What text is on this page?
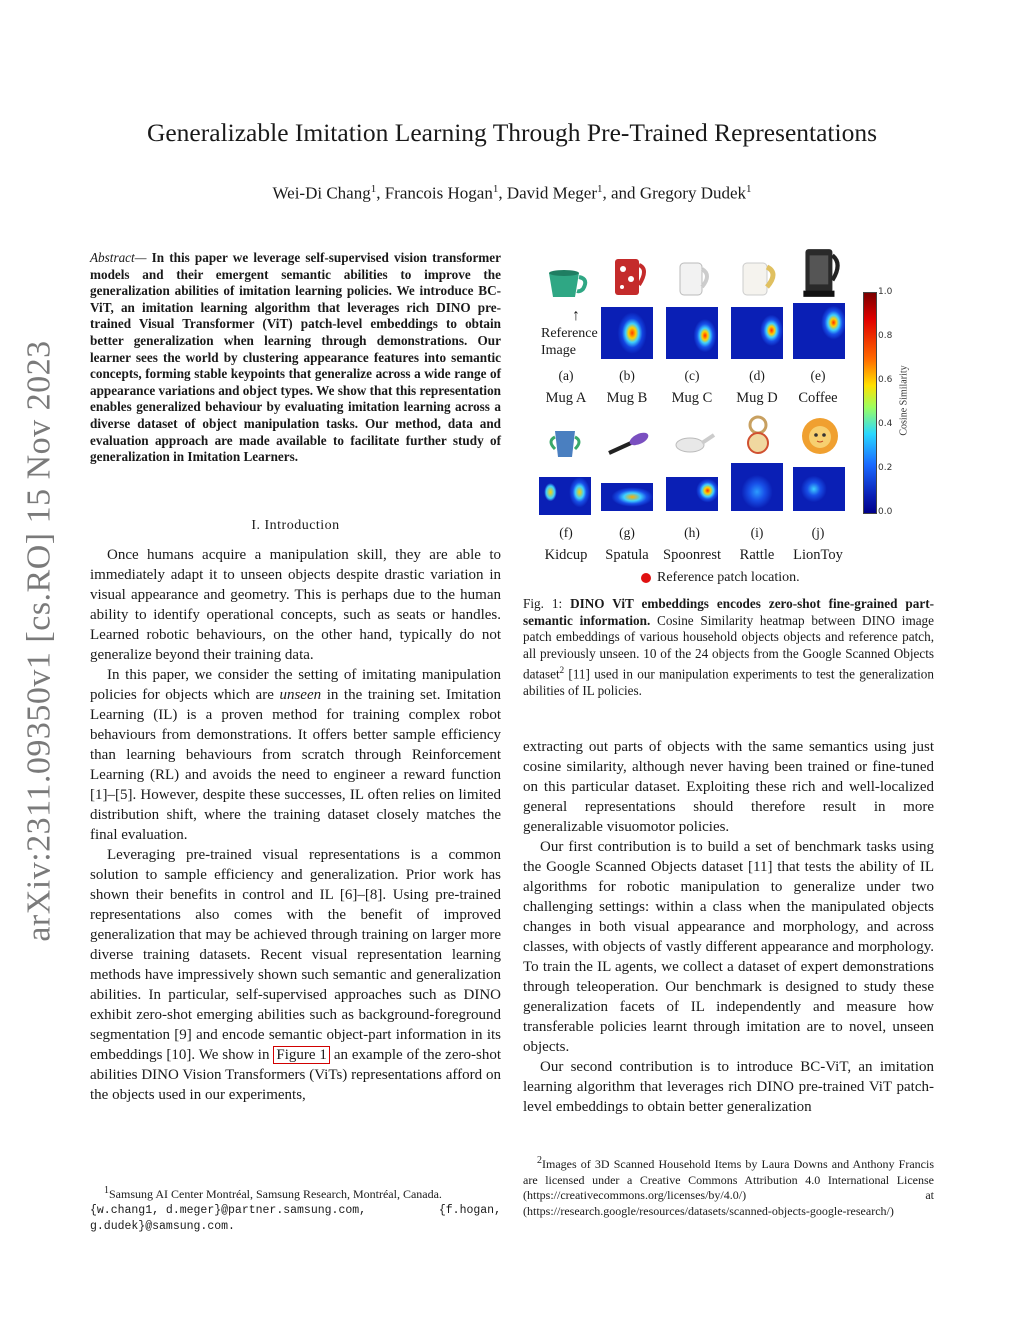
arXiv:2311.09350v1 [cs.RO] 15 Nov 2023
Generalizable Imitation Learning Through Pre-Trained Representations
Wei-Di Chang$^1$, Francois Hogan$^1$, David Meger$^1$, and Gregory Dudek$^1$
Abstract— In this paper we leverage self-supervised vision transformer models and their emergent semantic abilities to improve the generalization abilities of imitation learning policies. We introduce BC-ViT, an imitation learning algorithm that leverages rich DINO pre-trained Visual Transformer (ViT) patch-level embeddings to obtain better generalization when learning through demonstrations. Our learner sees the world by clustering appearance features into semantic concepts, forming stable keypoints that generalize across a wide range of appearance variations and object types. We show that this representation enables generalized behaviour by evaluating imitation learning across a diverse dataset of object manipulation tasks. Our method, data and evaluation approach are made available to facilitate further study of generalization in Imitation Learners.
I. Introduction

Once humans acquire a manipulation skill, they are able to immediately adapt it to unseen objects despite drastic variation in visual appearance and geometry. This is perhaps due to the human ability to identify operational concepts, such as seats or handles. Learned robotic behaviours, on the other hand, typically do not generalize beyond their training data.

In this paper, we consider the setting of imitating manipulation policies for objects which are unseen in the training set. Imitation Learning (IL) is a proven method for training complex robot behaviours from demonstrations. It offers better sample efficiency than learning behaviours from scratch through Reinforcement Learning (RL) and avoids the need to engineer a reward function [1]–[5]. However, despite these successes, IL often relies on limited distribution shift, where the training dataset closely matches the final evaluation.

Leveraging pre-trained visual representations is a common solution to sample efficiency and generalization. Prior work has shown their benefits in control and IL [6]–[8]. Using pre-trained representations also comes with the benefit of improved generalization that may be achieved through training on larger more diverse training datasets. Recent visual representation learning methods have impressively shown such semantic and generalization abilities. In particular, self-supervised approaches such as DINO exhibit zero-shot emerging abilities such as background-foreground segmentation [9] and encode semantic object-part information in its embeddings [10]. We show in Figure 1 an example of the zero-shot abilities DINO Vision Transformers (ViTs) representations afford on the objects used in our experiments,

$^1$Samsung AI Center Montréal, Samsung Research, Montréal, Canada.
{w.chang1, d.meger}@partner.samsung.com,	{f.hogan,
g.dudek}@samsung.com.
↑
Reference Image
(a)	(b)	(c)	(d)	(e)
Mug A	Mug B	Mug C	Mug D	Coffee
(f)	(g)	(h)	(i)	(j)
Kidcup	Spatula Spoonrest	Rattle	LionToy
Reference patch location.
1.0
0.8
0.6
0.4
0.2
0.0
Cosine Similarity
Fig. 1: DINO ViT embeddings encodes zero-shot fine-grained part-semantic information. Cosine Similarity heatmap between DINO image patch embeddings of various household objects objects and reference patch, all previously unseen. 10 of the 24 objects from the Google Scanned Objects dataset$^2$ [11] used in our manipulation experiments to test the generalization abilities of IL policies.

extracting out parts of objects with the same semantics using just cosine similarity, although never having been trained or fine-tuned on this particular dataset. Exploiting these rich and well-localized general representations should therefore result in more generalizable visuomotor policies.

Our first contribution is to build a set of benchmark tasks using the Google Scanned Objects dataset [11] that tests the ability of IL algorithms for robotic manipulation to generalize under two challenging settings: within a class when the manipulated objects changes in both visual appearance and morphology, and across classes, with objects of vastly different appearance and morphology. To train the IL agents, we collect a dataset of expert demonstrations through teleoperation. Our benchmark is designed to study these generalization facets of IL independently and measure how transferable policies learnt through imitation are to novel, unseen objects.

Our second contribution is to introduce BC-ViT, an imitation learning algorithm that leverages rich DINO pre-trained ViT patch-level embeddings to obtain better generalization

$^2$Images of 3D Scanned Household Items by Laura Downs and Anthony Francis are licensed under a Creative Commons Attribution 4.0 International License (https://creativecommons.org/licenses/by/4.0/) at (https://research.google/resources/datasets/scanned-objects-google-research/)
